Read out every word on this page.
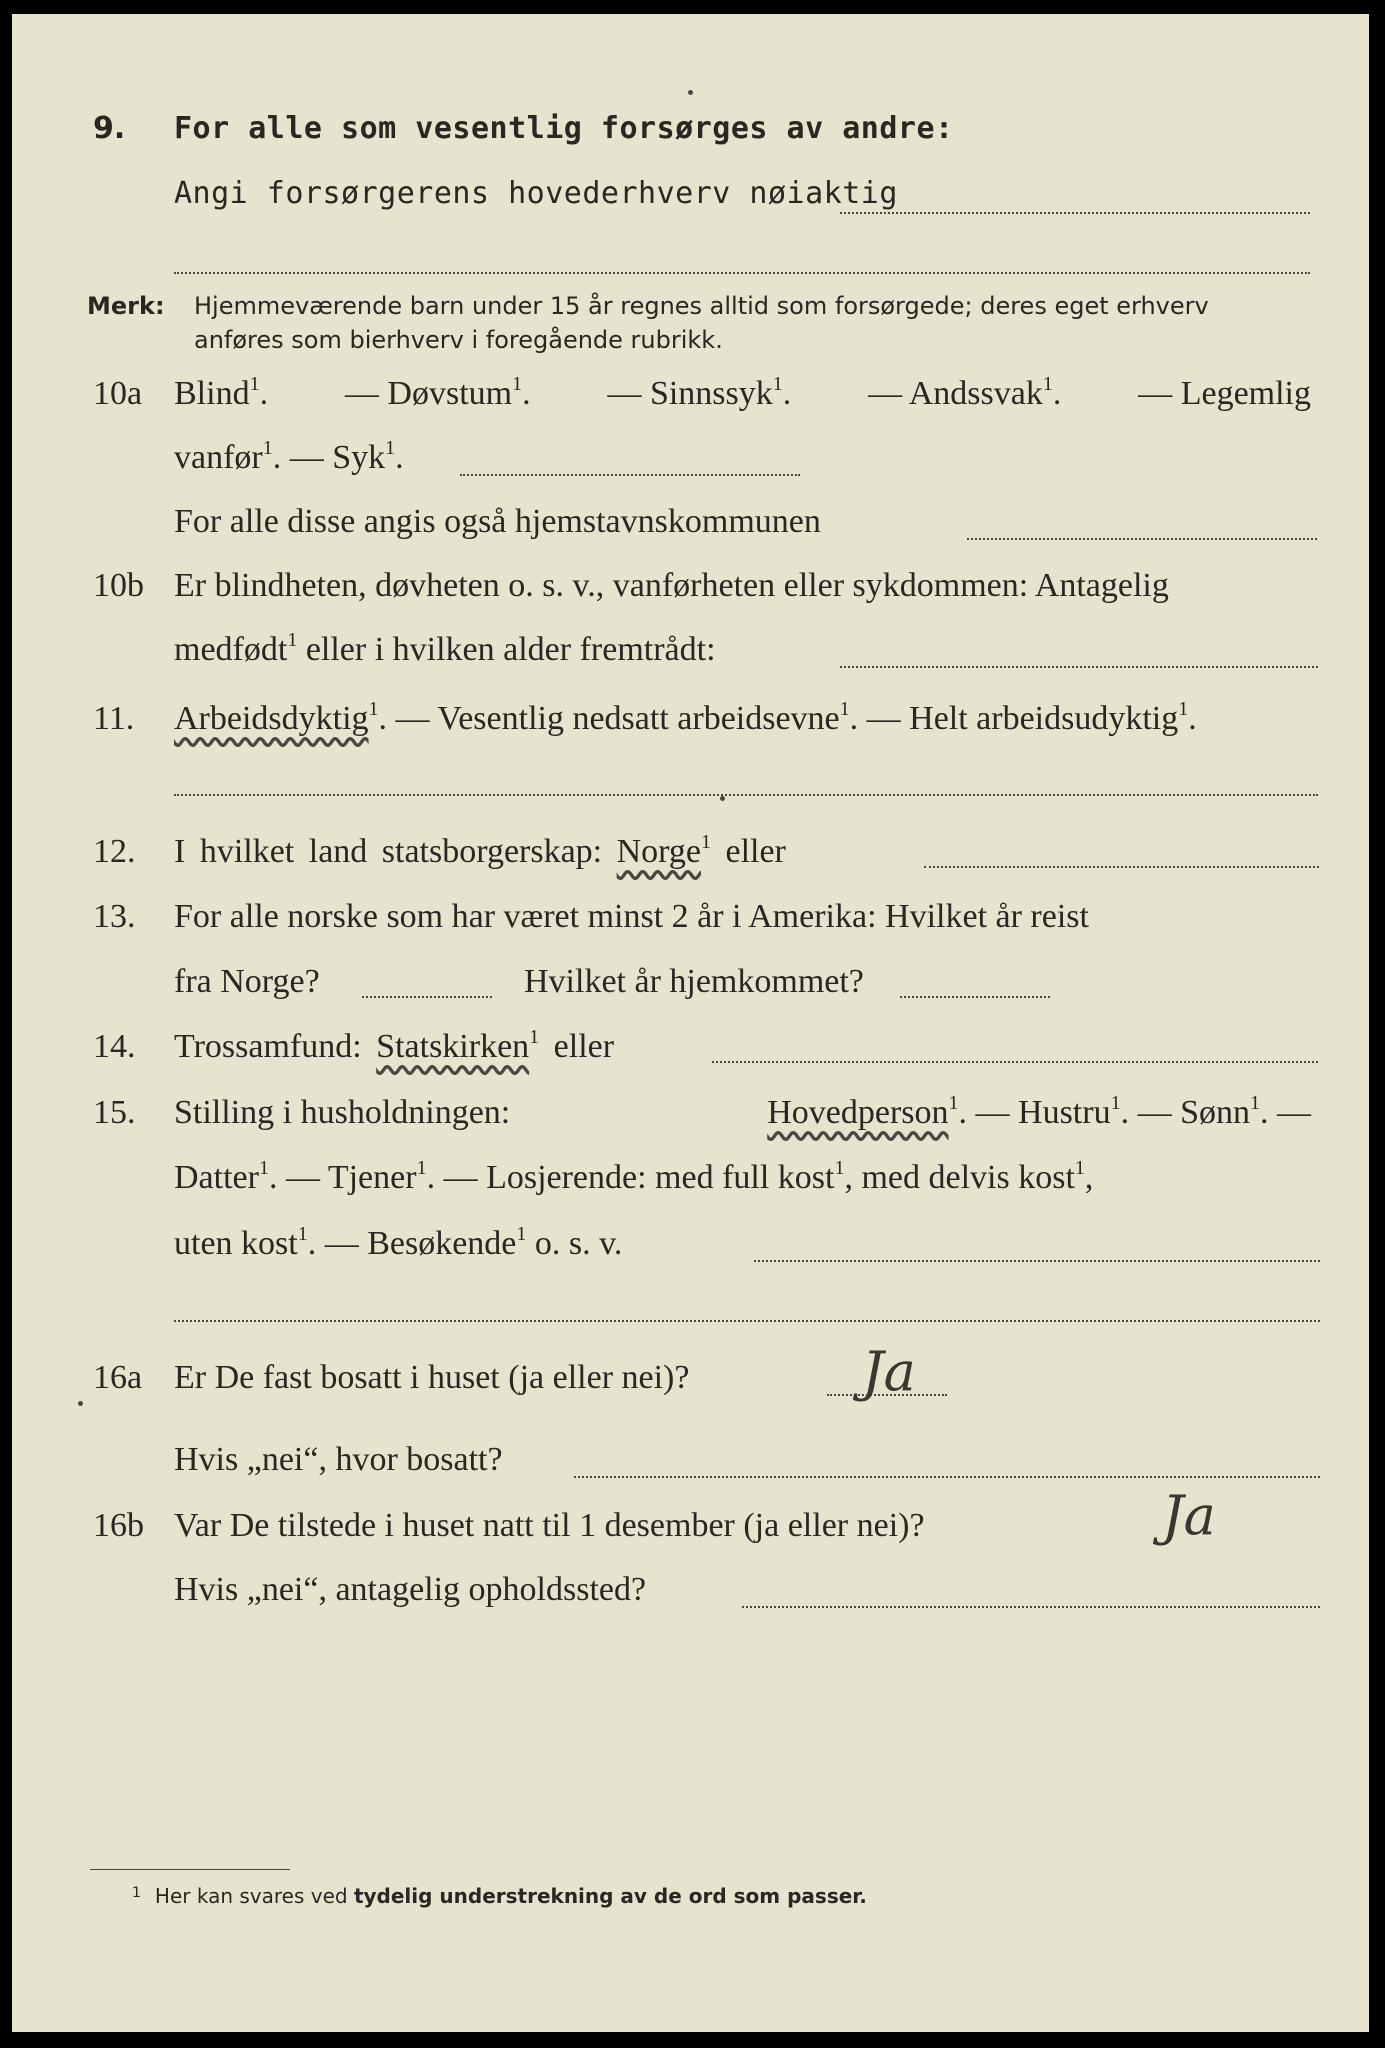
9. For alle som vesentlig forsørges av andre:
Angi forsørgerens hovederhverv nøiaktig
Merk: Hjemmeværende barn under 15 år regnes alltid som forsørgede; deres eget erhverv
anføres som bierhverv i foregående rubrikk.
10a Blind$^1$. — Døvstum$^1$. — Sinnssyk$^1$. — Andssvak$^1$. — Legemlig
vanfør$^1$. — Syk$^1$.
For alle disse angis også hjemstavnskommunen
10b Er blindheten, døvheten o. s. v., vanførheten eller sykdommen: Antagelig
medfødt$^1$ eller i hvilken alder fremtrådt:
11. Arbeidsdyktig$^1$. — Vesentlig nedsatt arbeidsevne$^1$. — Helt arbeidsudyktig$^1$.
12. I hvilket land statsborgerskap: Norge$^1$ eller
13. For alle norske som har været minst 2 år i Amerika: Hvilket år reist
fra Norge?	Hvilket år hjemkommet?
14. Trossamfund: Statskirken$^1$ eller
15. Stilling i husholdningen:	Hovedperson$^1$. — Hustru$^1$. — Sønn$^1$. —
Datter$^1$. — Tjener$^1$. — Losjerende: med full kost$^1$, med delvis kost$^1$,
uten kost$^1$. — Besøkende$^1$ o. s. v.
16a Er De fast bosatt i huset (ja eller nei)?	Ja
Hvis „nei“, hvor bosatt?
16b Var De tilstede i huset natt til 1 desember (ja eller nei)?	Ja
Hvis „nei“, antagelig opholdssted?
$^1$ Her kan svares ved tydelig understrekning av de ord som passer.
